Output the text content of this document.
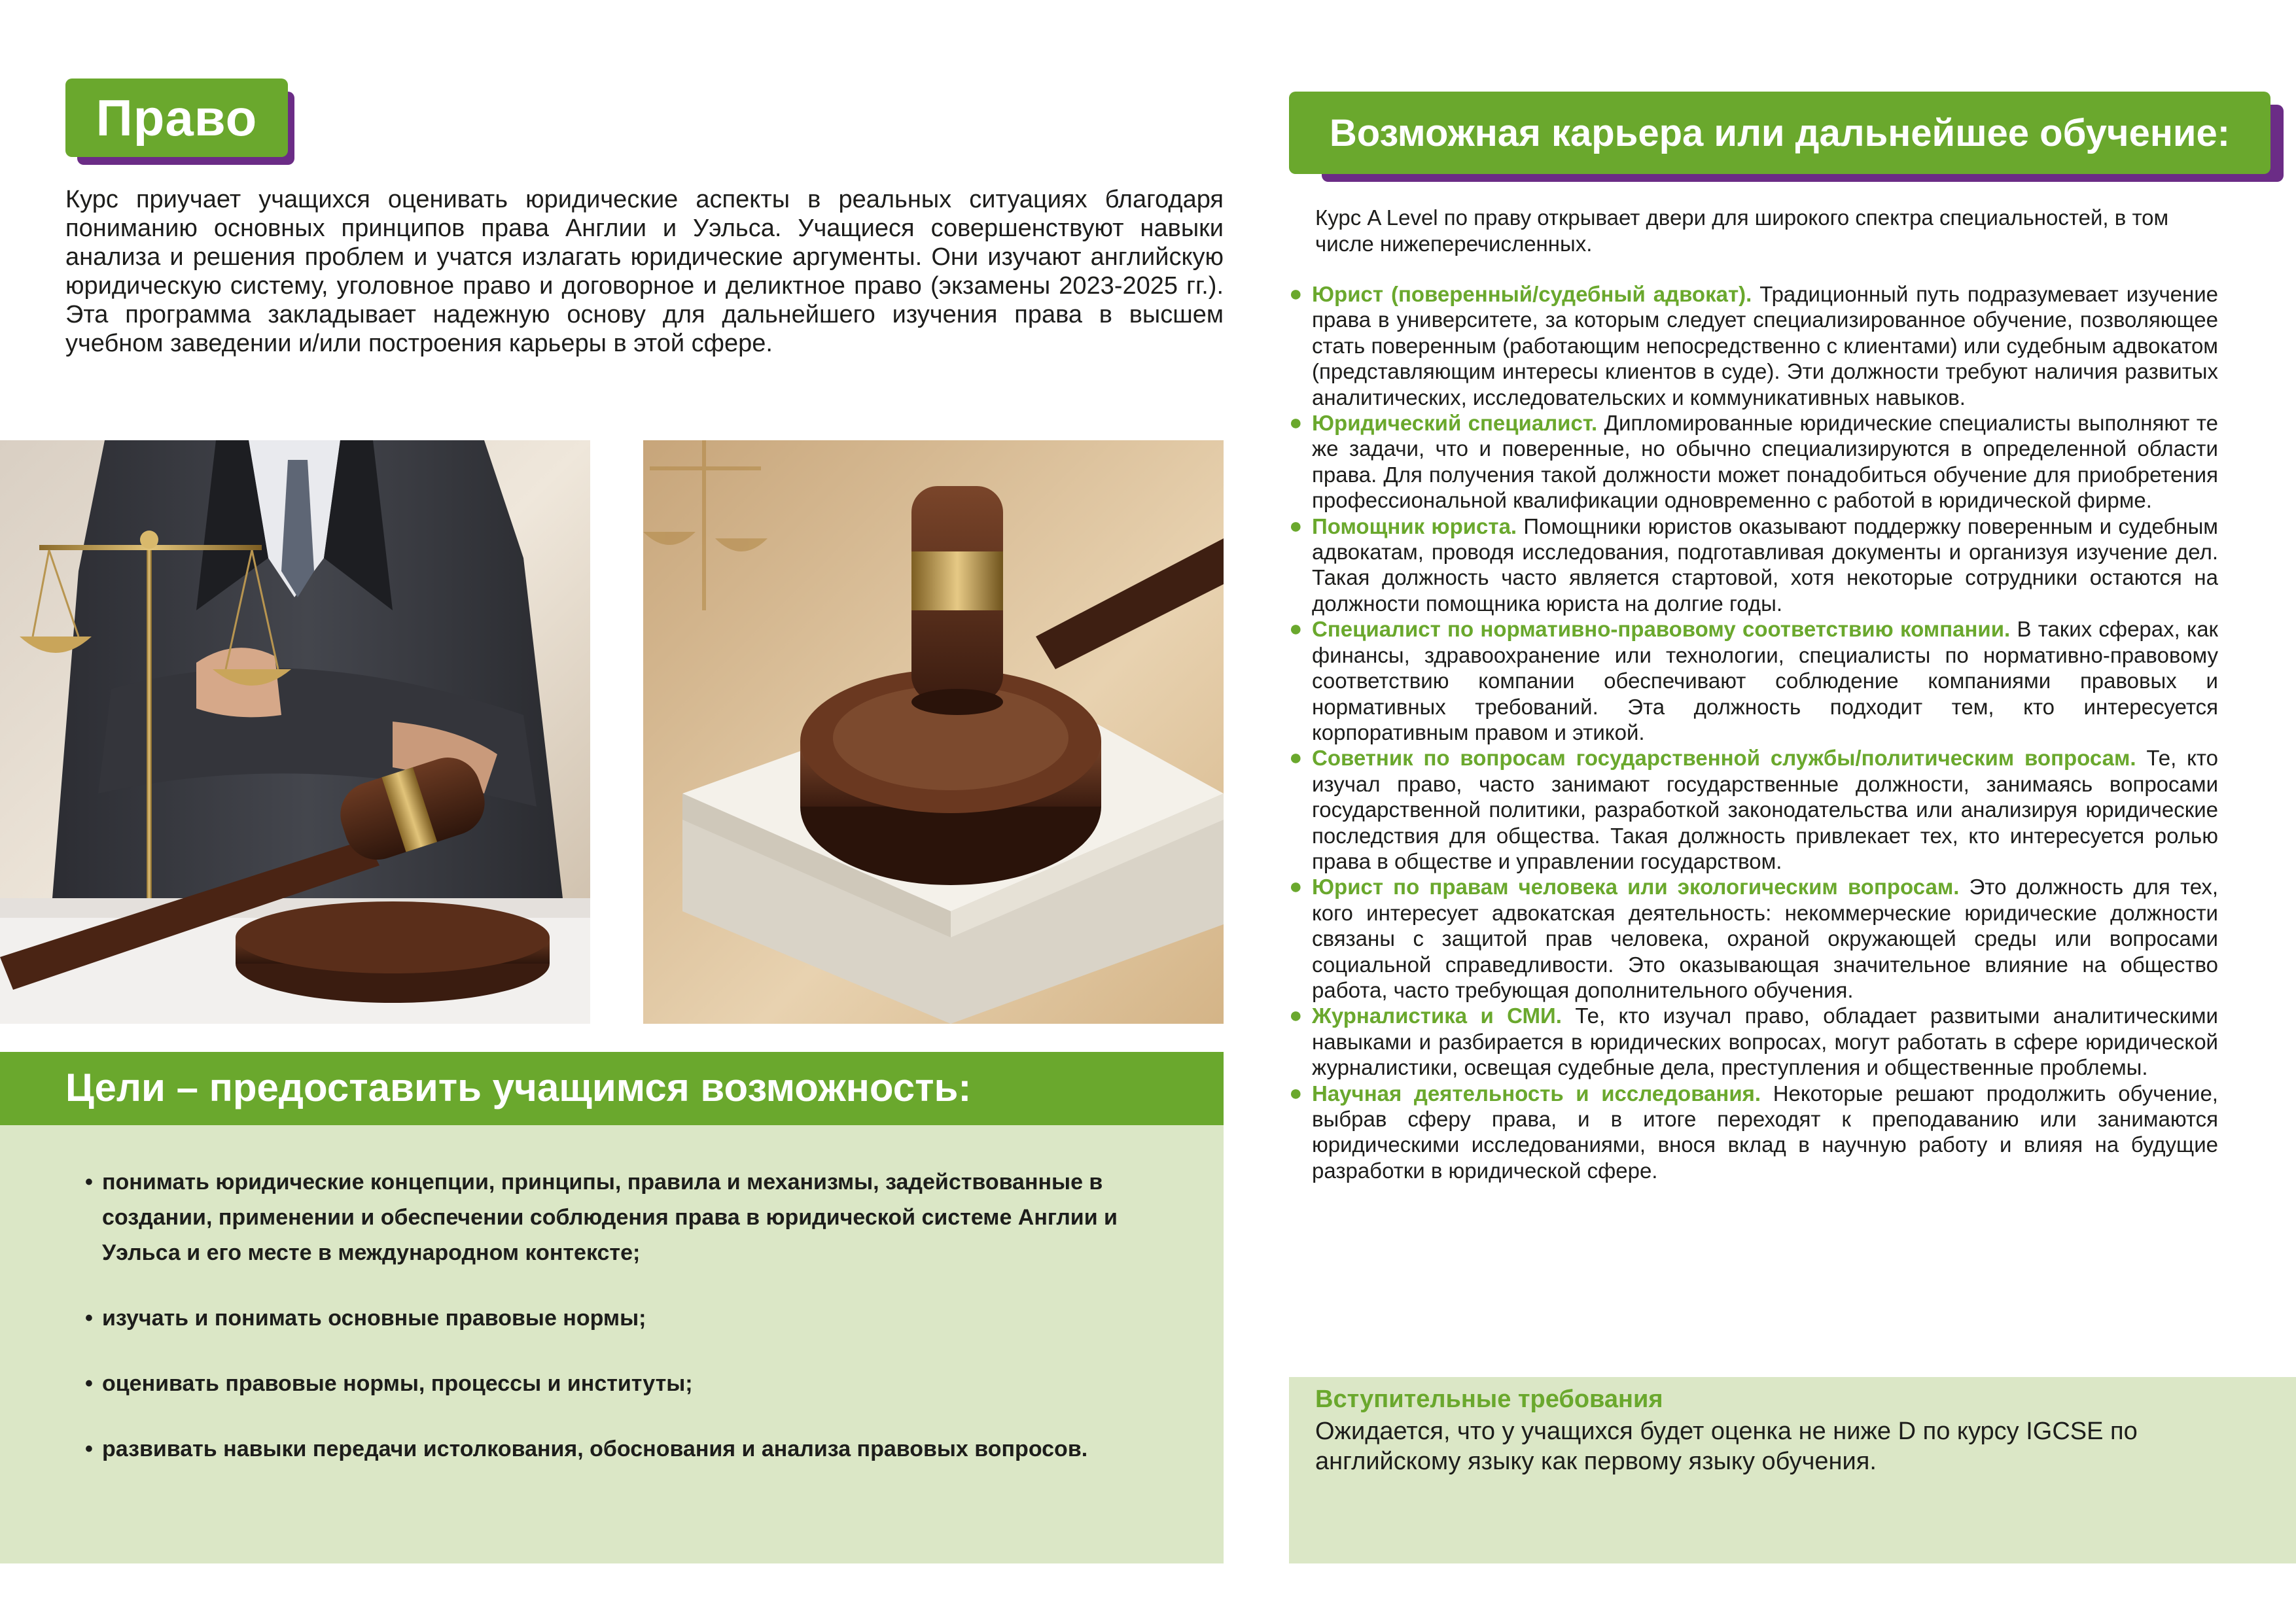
Право
Курс приучает учащихся оценивать юридические аспекты в реальных ситуациях благодаря пониманию основных принципов права Англии и Уэльса. Учащиеся совершенствуют навыки анализа и решения проблем и учатся излагать юридические аргументы. Они изучают английскую юридическую систему, уголовное право и договорное и деликтное право (экзамены 2023-2025 гг.). Эта программа закладывает надежную основу для дальнейшего изучения права в высшем учебном заведении и/или построения карьеры в этой сфере.
Цели – предоставить учащимся возможность:
• понимать юридические концепции, принципы, правила и механизмы, задействованные в создании, применении и обеспечении соблюдения права в юридической системе Англии и Уэльса и его месте в международном контексте;
• изучать и понимать основные правовые нормы;
• оценивать правовые нормы, процессы и институты;
• развивать навыки передачи истолкования, обоснования и анализа правовых вопросов.
Возможная карьера или дальнейшее обучение:
Курс A Level по праву открывает двери для широкого спектра специальностей, в том числе нижеперечисленных.
● Юрист (поверенный/судебный адвокат). Традиционный путь подразумевает изучение права в университете, за которым следует специализированное обучение, позволяющее стать поверенным (работающим непосредственно с клиентами) или судебным адвокатом (представляющим интересы клиентов в суде). Эти должности требуют наличия развитых аналитических, исследовательских и коммуникативных навыков.
● Юридический специалист. Дипломированные юридические специалисты выполняют те же задачи, что и поверенные, но обычно специализируются в определенной области права. Для получения такой должности может понадобиться обучение для приобретения профессиональной квалификации одновременно с работой в юридической фирме.
● Помощник юриста. Помощники юристов оказывают поддержку поверенным и судебным адвокатам, проводя исследования, подготавливая документы и организуя изучение дел. Такая должность часто является стартовой, хотя некоторые сотрудники остаются на должности помощника юриста на долгие годы.
● Специалист по нормативно-правовому соответствию компании. В таких сферах, как финансы, здравоохранение или технологии, специалисты по нормативно-правовому соответствию компании обеспечивают соблюдение компаниями правовых и нормативных требований. Эта должность подходит тем, кто интересуется корпоративным правом и этикой.
● Советник по вопросам государственной службы/политическим вопросам. Те, кто изучал право, часто занимают государственные должности, занимаясь вопросами государственной политики, разработкой законодательства или анализируя юридические последствия для общества. Такая должность привлекает тех, кто интересуется ролью права в обществе и управлении государством.
● Юрист по правам человека или экологическим вопросам. Это должность для тех, кого интересует адвокатская деятельность: некоммерческие юридические должности связаны с защитой прав человека, охраной окружающей среды или вопросами социальной справедливости. Это оказывающая значительное влияние на общество работа, часто требующая дополнительного обучения.
● Журналистика и СМИ. Те, кто изучал право, обладает развитыми аналитическими навыками и разбирается в юридических вопросах, могут работать в сфере юридической журналистики, освещая судебные дела, преступления и общественные проблемы.
● Научная деятельность и исследования. Некоторые решают продолжить обучение, выбрав сферу права, и в итоге переходят к преподаванию или занимаются юридическими исследованиями, внося вклад в научную работу и влияя на будущие разработки в юридической сфере.
Вступительные требования
Ожидается, что у учащихся будет оценка не ниже D по курсу IGCSE по английскому языку как первому языку обучения.
